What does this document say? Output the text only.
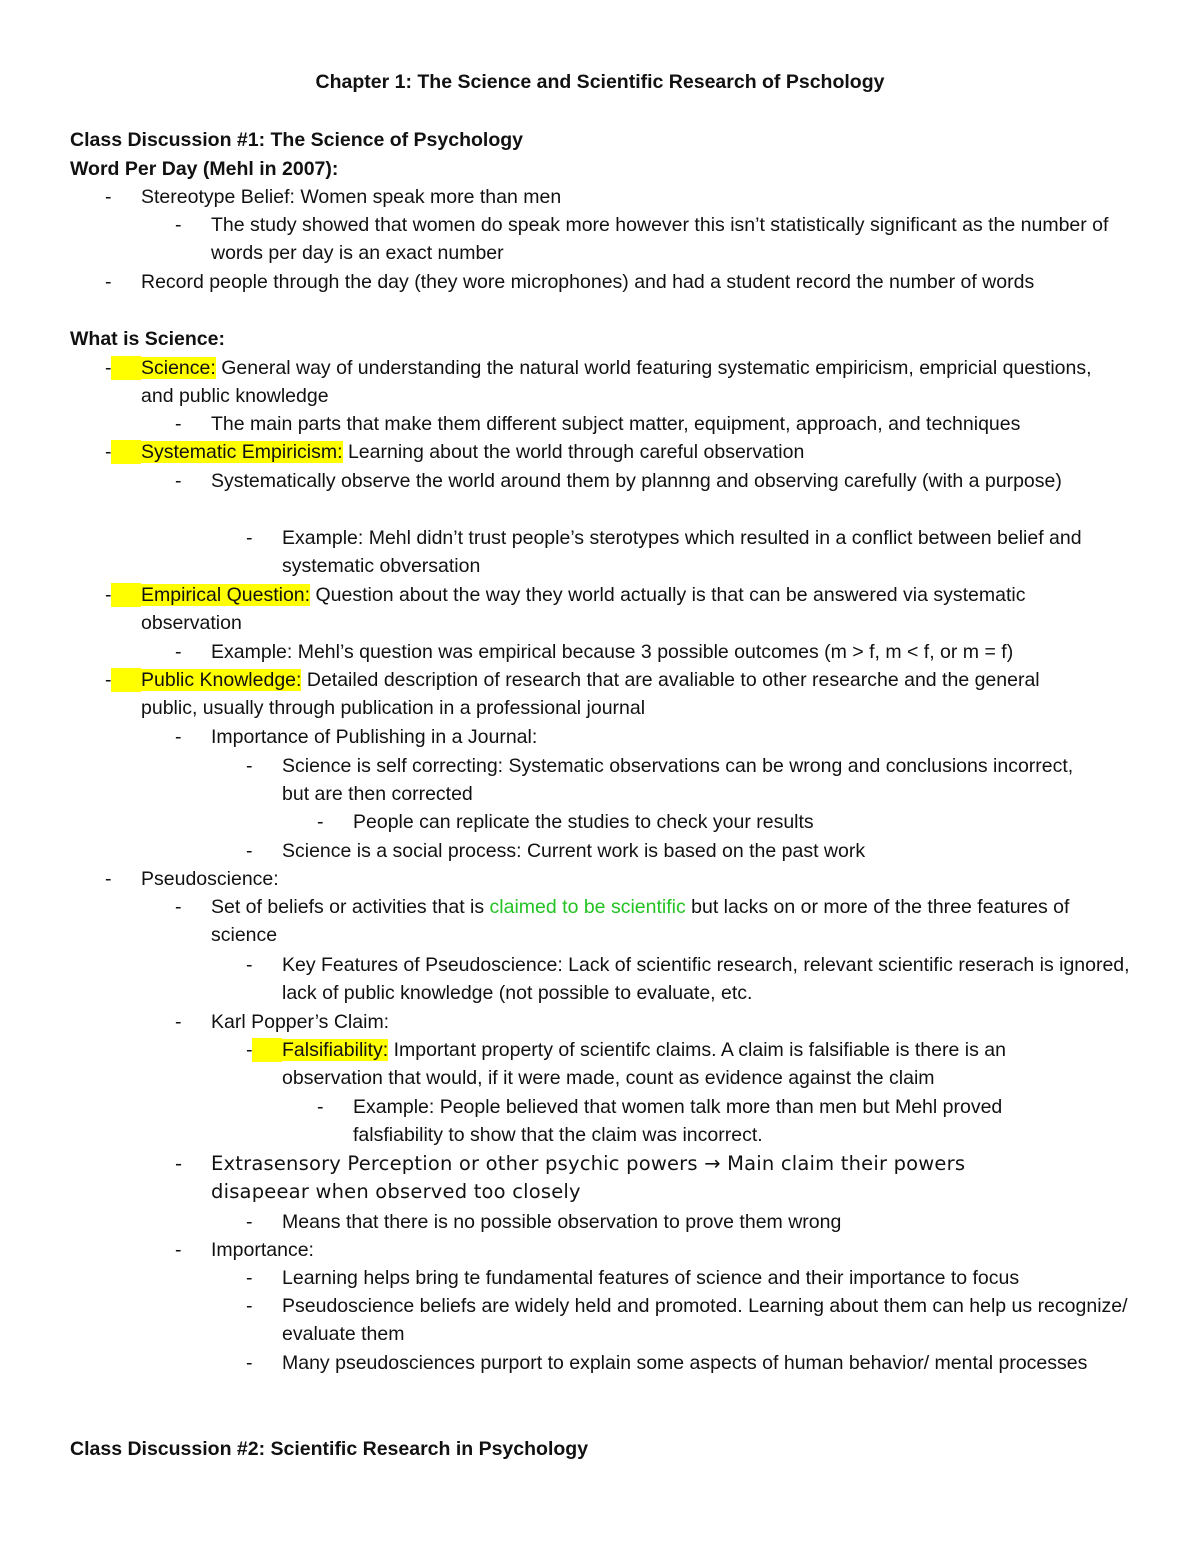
Chapter 1: The Science and Scientific Research of Pschology
Class Discussion #1: The Science of Psychology
Word Per Day (Mehl in 2007):
- Stereotype Belief: Women speak more than men
- The study showed that women do speak more however this isn’t statistically significant as the number of words per day is an exact number
- Record people through the day (they wore microphones) and had a student record the number of words
What is Science:
- Science: General way of understanding the natural world featuring systematic empiricism, empricial questions, and public knowledge
- The main parts that make them different subject matter, equipment, approach, and techniques
- Systematic Empiricism: Learning about the world through careful observation
- Systematically observe the world around them by plannng and observing carefully (with a purpose)
- Example: Mehl didn’t trust people’s sterotypes which resulted in a conflict between belief and systematic obversation
- Empirical Question: Question about the way they world actually is that can be answered via systematic observation
- Example: Mehl’s question was empirical because 3 possible outcomes (m > f, m < f, or m = f)
- Public Knowledge: Detailed description of research that are avaliable to other researche and the general public, usually through publication in a professional journal
- Importance of Publishing in a Journal:
- Science is self correcting: Systematic observations can be wrong and conclusions incorrect, but are then corrected
- People can replicate the studies to check your results
- Science is a social process: Current work is based on the past work
- Pseudoscience:
- Set of beliefs or activities that is claimed to be scientific but lacks on or more of the three features of science
- Key Features of Pseudoscience: Lack of scientific research, relevant scientific reserach is ignored, lack of public knowledge (not possible to evaluate, etc.
- Karl Popper’s Claim:
- Falsifiability: Important property of scientifc claims. A claim is falsifiable is there is an observation that would, if it were made, count as evidence against the claim
- Example: People believed that women talk more than men but Mehl proved falsfiability to show that the claim was incorrect.
- Extrasensory Perception or other psychic powers → Main claim their powers disapeear when observed too closely
- Means that there is no possible observation to prove them wrong
- Importance:
- Learning helps bring te fundamental features of science and their importance to focus
- Pseudoscience beliefs are widely held and promoted. Learning about them can help us recognize/ evaluate them
- Many pseudosciences purport to explain some aspects of human behavior/ mental processes
Class Discussion #2: Scientific Research in Psychology
